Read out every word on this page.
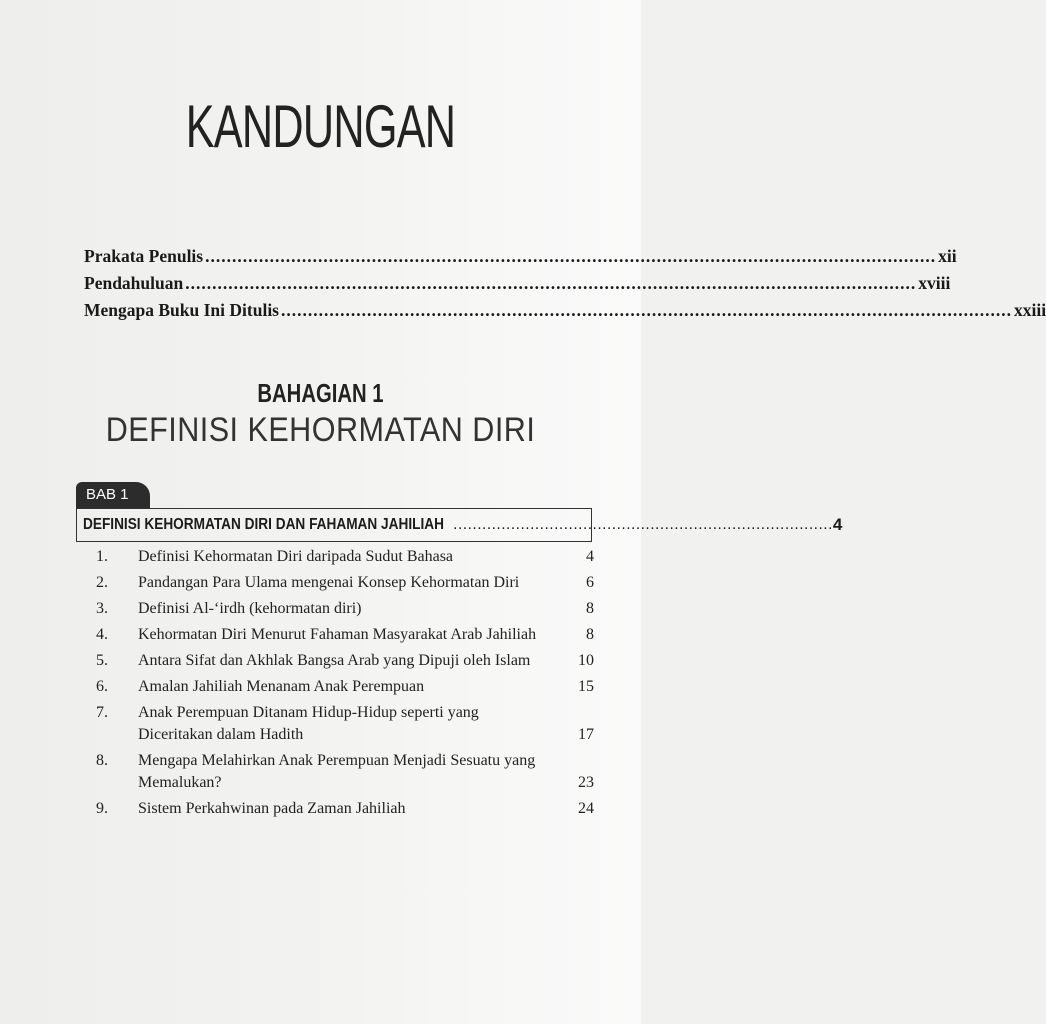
KANDUNGAN
Prakata Penulis ........................................................................................................................................ xii
Pendahuluan ........................................................................................................................................ xviii
Mengapa Buku Ini Ditulis ........................................................................................................................................ xxiii
BAHAGIAN 1
DEFINISI KEHORMATAN DIRI
BAB 1
DEFINISI KEHORMATAN DIRI DAN FAHAMAN JAHILIAH ............................................................................... 4
1.	Definisi Kehormatan Diri daripada Sudut Bahasa	4
2.	Pandangan Para Ulama mengenai Konsep Kehormatan Diri	6
3.	Definisi Al-‘irdh (kehormatan diri)	8
4.	Kehormatan Diri Menurut Fahaman Masyarakat Arab Jahiliah	8
5.	Antara Sifat dan Akhlak Bangsa Arab yang Dipuji oleh Islam	10
6.	Amalan Jahiliah Menanam Anak Perempuan	15
7.	Anak Perempuan Ditanam Hidup-Hidup seperti yang Diceritakan dalam Hadith	17
8.	Mengapa Melahirkan Anak Perempuan Menjadi Sesuatu yang Memalukan?	23
9.	Sistem Perkahwinan pada Zaman Jahiliah	24
